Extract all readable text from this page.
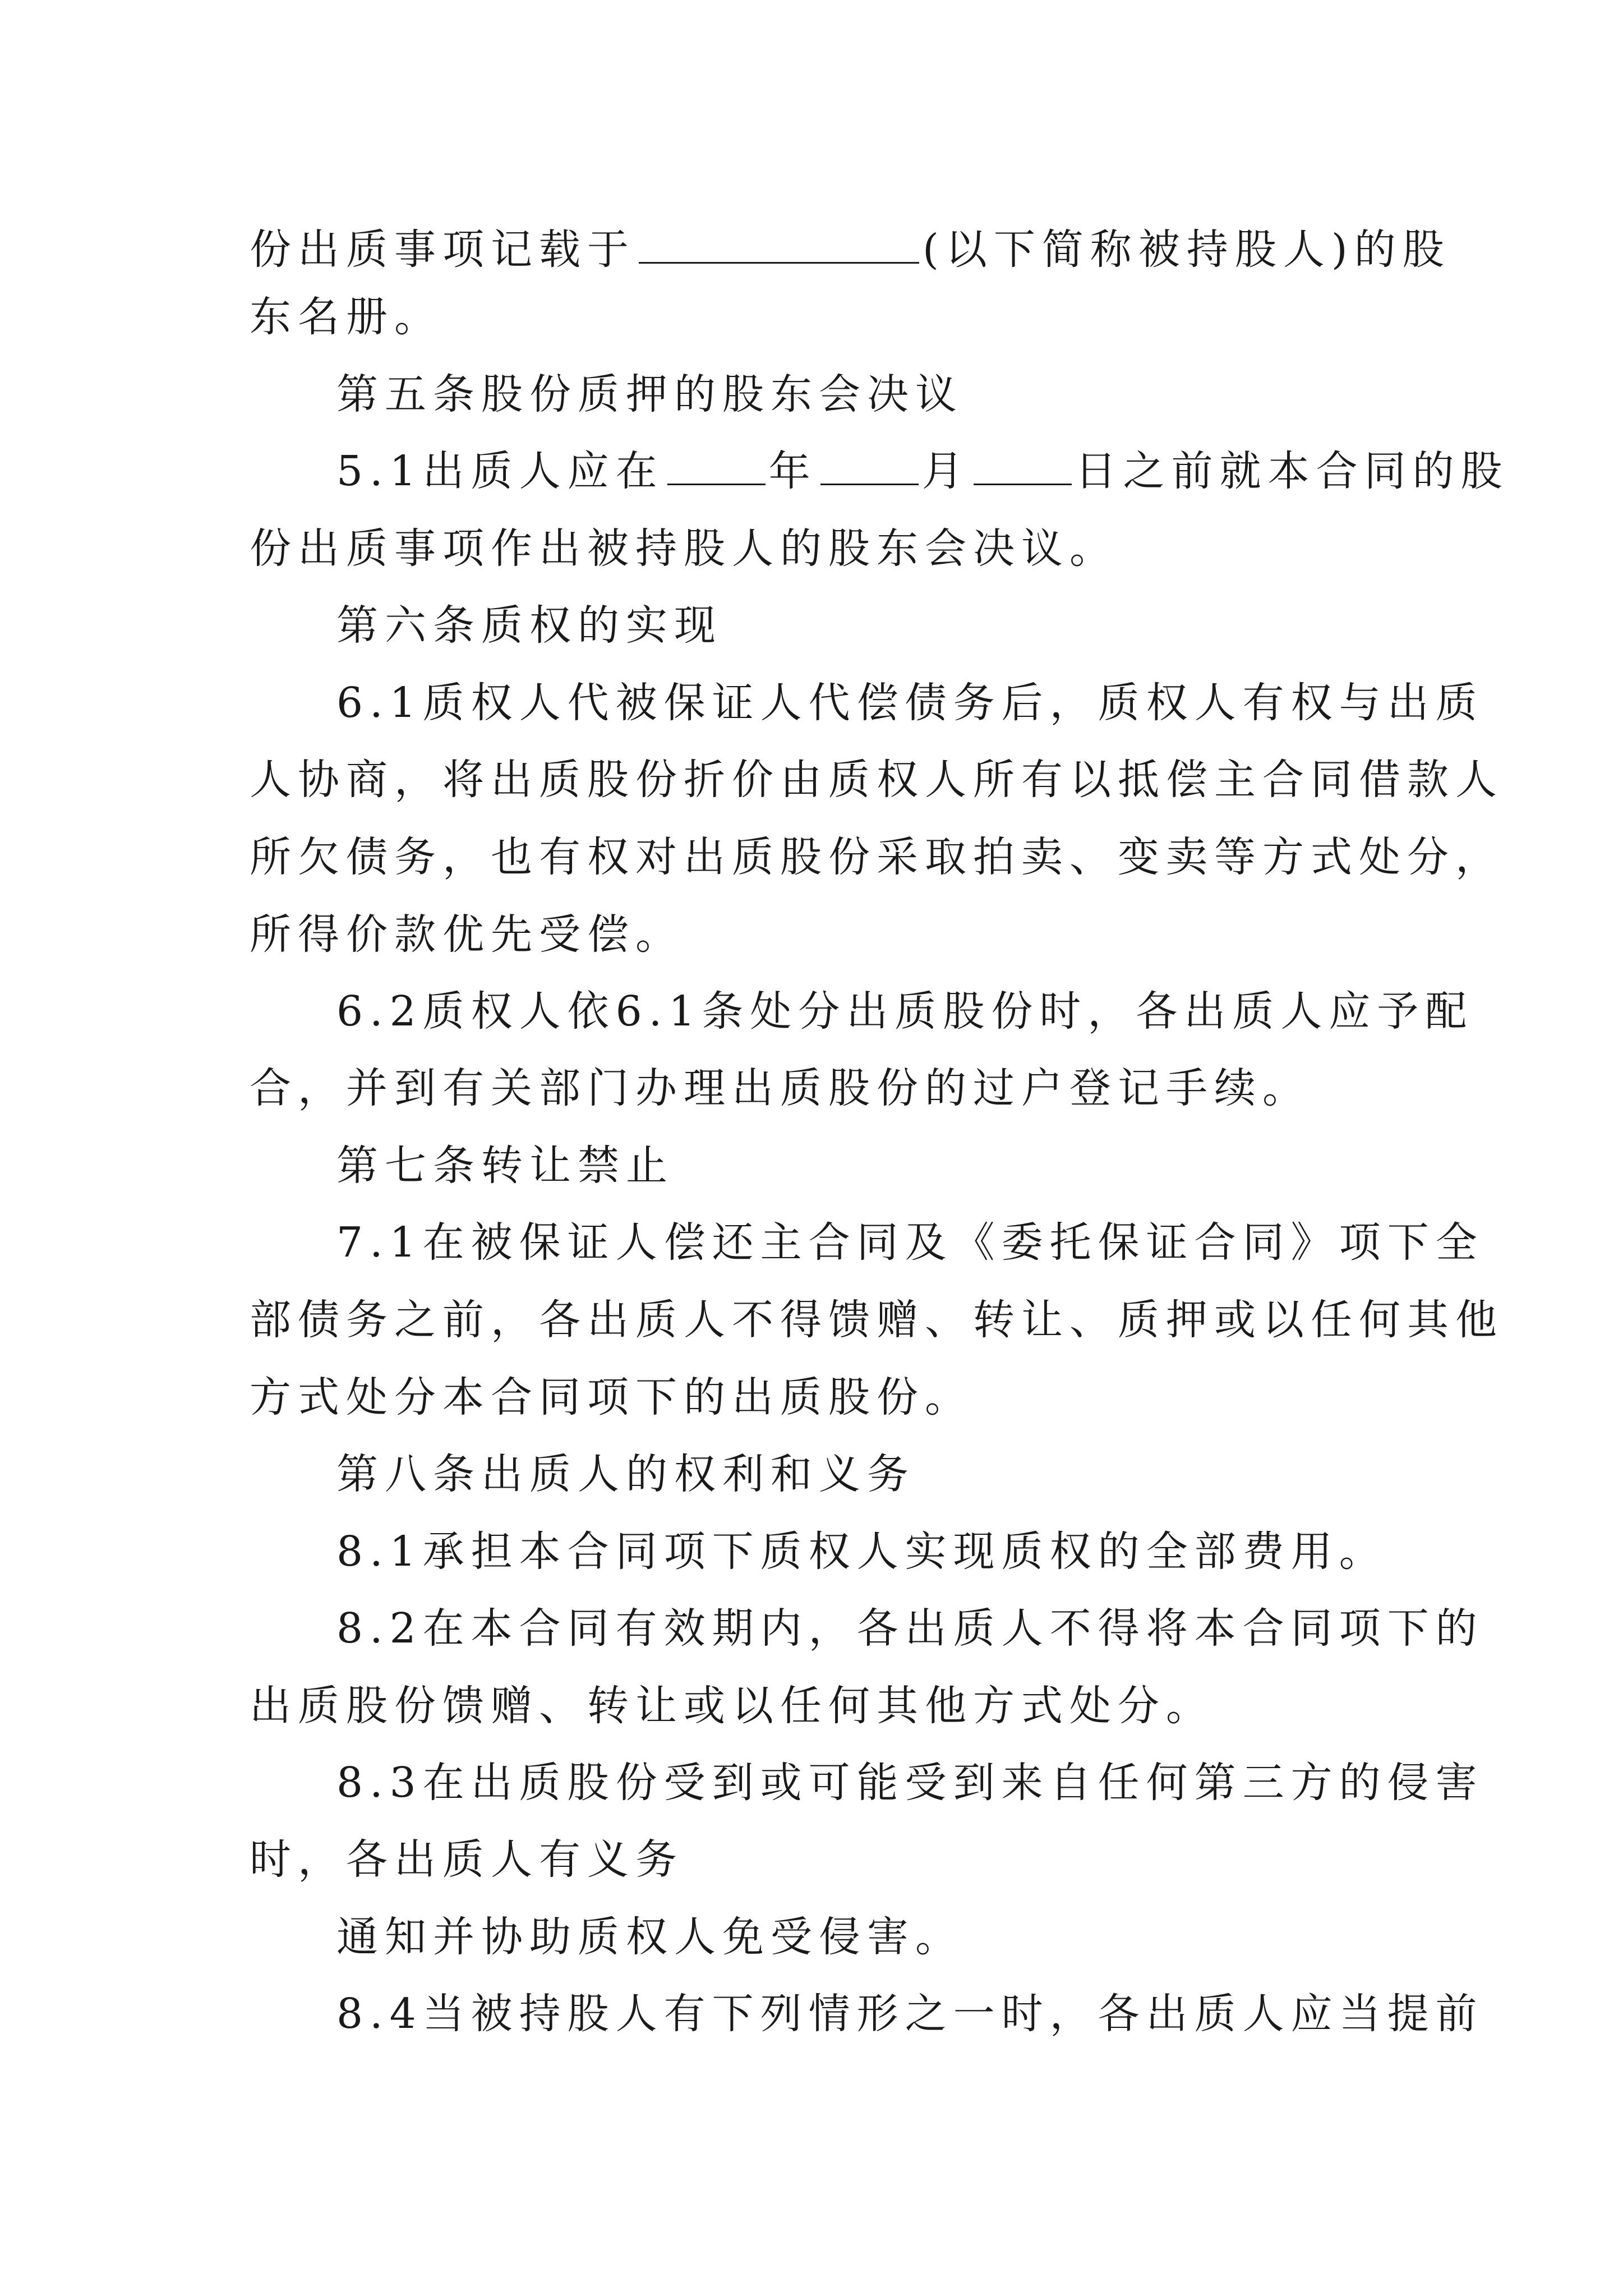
份出质事项记载于	(以下简称被持股人)的股
东名册。
第五条股份质押的股东会决议
5.1出质人应在	年	月	日之前就本合同的股
份出质事项作出被持股人的股东会决议。
第六条质权的实现
6.1质权人代被保证人代偿债务后，质权人有权与出质
人协商，将出质股份折价由质权人所有以抵偿主合同借款人
所欠债务，也有权对出质股份采取拍卖、变卖等方式处分，
所得价款优先受偿。
6.2质权人依6.1条处分出质股份时，各出质人应予配
合，并到有关部门办理出质股份的过户登记手续。
第七条转让禁止
7.1在被保证人偿还主合同及《委托保证合同》项下全
部债务之前，各出质人不得馈赠、转让、质押或以任何其他
方式处分本合同项下的出质股份。
第八条出质人的权利和义务
8.1承担本合同项下质权人实现质权的全部费用。
8.2在本合同有效期内，各出质人不得将本合同项下的
出质股份馈赠、转让或以任何其他方式处分。
8.3在出质股份受到或可能受到来自任何第三方的侵害
时，各出质人有义务
通知并协助质权人免受侵害。
8.4当被持股人有下列情形之一时，各出质人应当提前
